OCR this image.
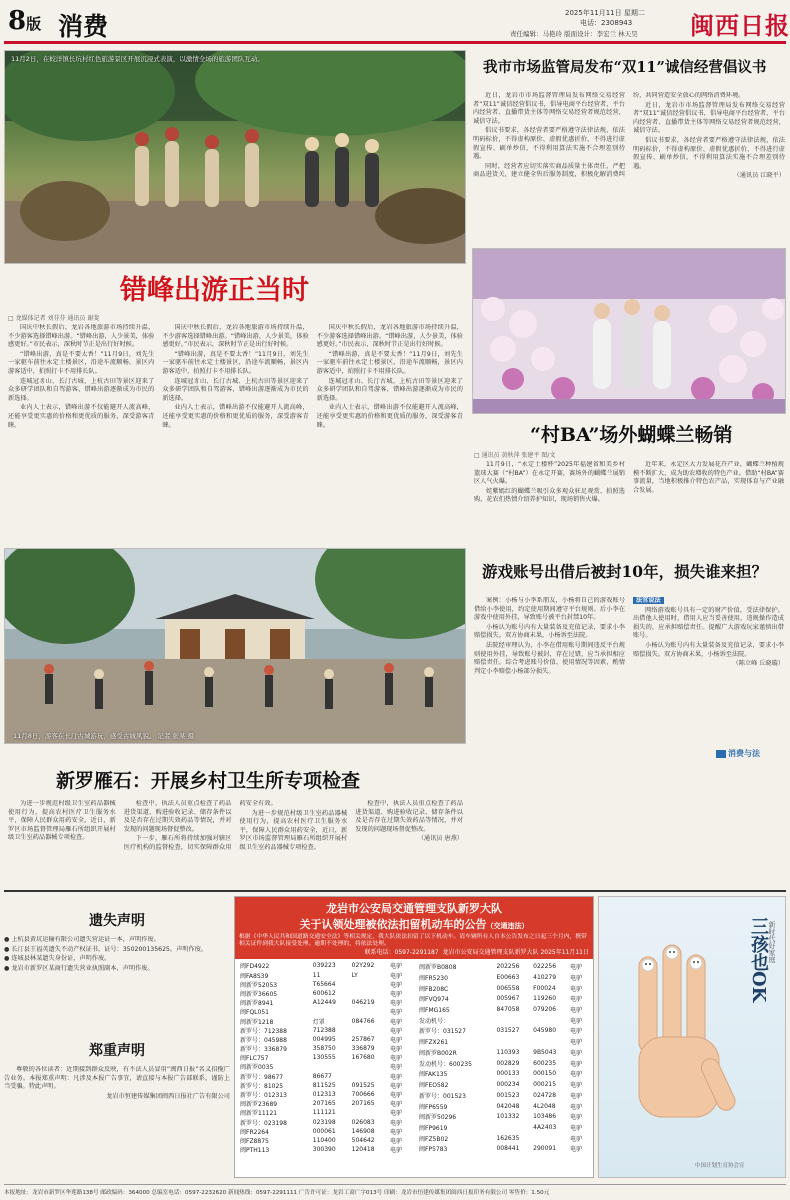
8版 消费	2025年11月11日 星期二
电话：2308943
责任编辑：马艳玲 版面设计：李宏兰 林天昊 闽西日报
11月2日，在蛟洋镇长坑村红色旅游景区开展沉浸式表演，以激情全场的旅游团队互动。
错峰出游正当时
□ 龙媒体记者 刘芬芬 通讯员 谢斐

国庆中秋长假后，龙岩各地旅游市场持续升温，不少游客选择错峰出游。“错峰出游，人少景美，体验感更好。”市民表示，深秋时节正是出行好时候。

“错峰出游，真是不要太香！”11月9日，刘先生一家驱车前往永定土楼景区，沿途车流顺畅，景区内游客适中，拍照打卡不用排长队。

连城冠豸山、长汀古城、上杭古田等景区迎来了众多研学团队和自驾游客，错峰出游逐渐成为市民的新选择。

业内人士表示，错峰出游不仅能避开人流高峰，还能享受更实惠的价格和更优质的服务，深受游客青睐。

国庆中秋长假后，龙岩各地旅游市场持续升温，不少游客选择错峰出游。“错峰出游，人少景美，体验感更好。”市民表示，深秋时节正是出行好时候。

“错峰出游，真是不要太香！”11月9日，刘先生一家驱车前往永定土楼景区，沿途车流顺畅，景区内游客适中，拍照打卡不用排长队。

连城冠豸山、长汀古城、上杭古田等景区迎来了众多研学团队和自驾游客，错峰出游逐渐成为市民的新选择。

业内人士表示，错峰出游不仅能避开人流高峰，还能享受更实惠的价格和更优质的服务，深受游客青睐。

国庆中秋长假后，龙岩各地旅游市场持续升温，不少游客选择错峰出游。“错峰出游，人少景美，体验感更好。”市民表示，深秋时节正是出行好时候。

“错峰出游，真是不要太香！”11月9日，刘先生一家驱车前往永定土楼景区，沿途车流顺畅，景区内游客适中，拍照打卡不用排长队。

连城冠豸山、长汀古城、上杭古田等景区迎来了众多研学团队和自驾游客，错峰出游逐渐成为市民的新选择。

业内人士表示，错峰出游不仅能避开人流高峰，还能享受更实惠的价格和更优质的服务，深受游客青睐。

11月8日，游客在长汀古城游玩，感受古城风貌。 记者 张某 摄
新罗雁石：开展乡村卫生所专项检查

为进一步规范村级卫生室药品器械使用行为，提高农村医疗卫生服务水平，保障人民群众用药安全，近日，新罗区市场监督管理局雁石所组织开展村级卫生室药品器械专项检查。

检查中，执法人员重点检查了药品进货渠道、购进验收记录、储存条件以及是否存在过期失效药品等情况，并对发现的问题现场督促整改。

下一步，雁石所将持续加强对辖区医疗机构的监督检查，切实保障群众用药安全有效。

为进一步规范村级卫生室药品器械使用行为，提高农村医疗卫生服务水平，保障人民群众用药安全，近日，新罗区市场监督管理局雁石所组织开展村级卫生室药品器械专项检查。

检查中，执法人员重点检查了药品进货渠道、购进验收记录、储存条件以及是否存在过期失效药品等情况，并对发现的问题现场督促整改。

（通讯员 唐燕）

我市市场监管局发布“双11”诚信经营倡议书

近日，龙岩市市场监督管理局发布网络交易经营者“双11”诚信经营倡议书，倡导电商平台经营者、平台内经营者、直播带货主体等网络交易经营者规范经营，诚信守法。

倡议书要求，各经营者要严格遵守法律法规，依法明码标价，不得虚构原价、虚假优惠折价，不得进行虚假宣传、刷单炒信，不得利用算法实施不合理差别待遇。

同时，经营者应切实落实商品质量主体责任，严把商品进货关，建立健全售后服务制度，积极化解消费纠纷，共同营造安全放心的网络消费环境。

近日，龙岩市市场监督管理局发布网络交易经营者“双11”诚信经营倡议书，倡导电商平台经营者、平台内经营者、直播带货主体等网络交易经营者规范经营，诚信守法。

倡议书要求，各经营者要严格遵守法律法规，依法明码标价，不得虚构原价、虚假优惠折价，不得进行虚假宣传、刷单炒信，不得利用算法实施不合理差别待遇。

（通讯员 江晓平）

“村BA”场外蝴蝶兰畅销
□ 通讯员 黄秋萍 张建平 图/文

11月9日，“永定土楼杯”2025年福建省和美乡村篮球大赛（“村BA”）在永定开赛，赛场外的蝴蝶兰展销区人气火爆。

姹紫嫣红的蝴蝶兰吸引众多观众驻足观赏、拍照选购，花农们热情介绍养护知识，现场销售火爆。

近年来，永定区大力发展花卉产业，蝴蝶兰种植规模不断扩大，成为助农增收的特色产业。借助“村BA”赛事流量，当地积极推介特色农产品，实现体育与产业融合发展。

游戏账号出借后被封10年，损失谁来担？

案例：小杨与小李系朋友，小杨将自己的游戏账号借给小李使用，约定使用期间遵守平台规则。后小李在游戏中使用外挂，导致账号被平台封禁10年。

小杨认为账号内有大量装备及充值记录，要求小李赔偿损失。双方协商未果，小杨诉至法院。

法院经审理认为，小李在借用账号期间违反平台规则使用外挂，导致账号被封，存在过错，应当承担相应赔偿责任。综合考虑账号价值、使用情况等因素，酌情判定小李赔偿小杨部分损失。

法官说法

网络游戏账号具有一定的财产价值，受法律保护。出借他人使用时，借用人应当妥善使用，违规操作造成损失的，应承担赔偿责任。提醒广大游戏玩家谨慎出借账号。

小杨认为账号内有大量装备及充值记录，要求小李赔偿损失。双方协商未果，小杨诉至法院。

（陈立峰 丘晓璇）

消费与法
遗失声明

● 上杭县黄坑运输有限公司遗失营运证一本，声明作废。

● 长汀县王福英遗失不动产权证书，证号：350200135625，声明作废。

● 连城县林某遗失身份证，声明作废。

● 龙岩市新罗区某商行遗失营业执照副本，声明作废。

郑重声明

尊敬的各位读者：近期接到群众反映，有不法人员冒用“闽西日报”名义招揽广告业务。本报郑重声明：凡涉及本报广告事宜，请直接与本报广告部联系，谨防上当受骗。特此声明。

龙岩市恒建传媒集团闽西日报社广告有限公司

龙岩市公安局交通管理支队新罗大队
关于认领处理被依法扣留机动车的公告（交通违法）
根据《中华人民共和国道路交通安全法》等相关规定，我大队依法扣留了以下机动车。请车辆所有人自本公告发布之日起三个月内，携带相关证件到我大队接受处理。逾期不处理的，将依法处理。
联系电话：0597-2291187 龙岩市公安局交通管理支队新罗大队 2025年11月11日
闽FD4922	039223	02Y292	电驴
闽FA8S39	11	LY	电驴
闽新罗52053	T65664		电驴
闽新罗36605	600612		电驴
闽新罗8941	A12449	046219	电驴
闽FQL051			电驴
闽新罗1218	灯罩	084766	电驴
新罗号：712388	712388		电驴
新罗号：045988	004995	257867	电驴
新罗号：336879	358750	336879	电驴
闽FLC757	130555	167680	电驴
闽新罗0035			电驴
新罗号：98677	86677		电驴
新罗号：81025	811525	091525	电驴
新罗号：012313	012313	700666	电驴
闽新罗23689	207165	207165	电驴
闽新罗11121	111121		电驴
新罗号：023198	023198	026083	电驴
闽FR2264	000061	146908	电驴
闽FZ8875	110400	504642	电驴
闽PTH113	300390	120418	电驴
闽新罗B0808	202256	022256	电驴
闽FR5230	E00663	410279	电驴
闽FB208C	006558	F00024	电驴
闽FVQ974	005967	119260	电驴
闽FMG165	847058	079206	电驴
发动机号：			电驴
新罗号：031527	031527	045980	电驴
闽FZX261			电驴
闽新罗B002R	110393	9B5043	电驴
发动机号：600235	002829	600235	电驴
闽FAK135	000133	000150	电驴
闽FEO582	000234	000215	电驴
新罗号：001523	001523	024728	电驴
闽FP6559	042048	4L2048	电驴
闽新罗50296	101332	103486	电驴
闽FP9619		4A2403	电驴
闽FZ5B02	162635		电驴
闽FP5783	008441	290091	电驴
三孩也OK 新时代好家庭
中国计划生育协会宣
本报地址：龙岩市新罗区华莲路138号 邮政编码：364000 总编室电话：0597-2232620 新闻热线：0597-2291111 广告许可证：龙岩工商广字013号 印刷：龙岩市恒建传媒集团闽西日报印务有限公司 零售价：1.50元
